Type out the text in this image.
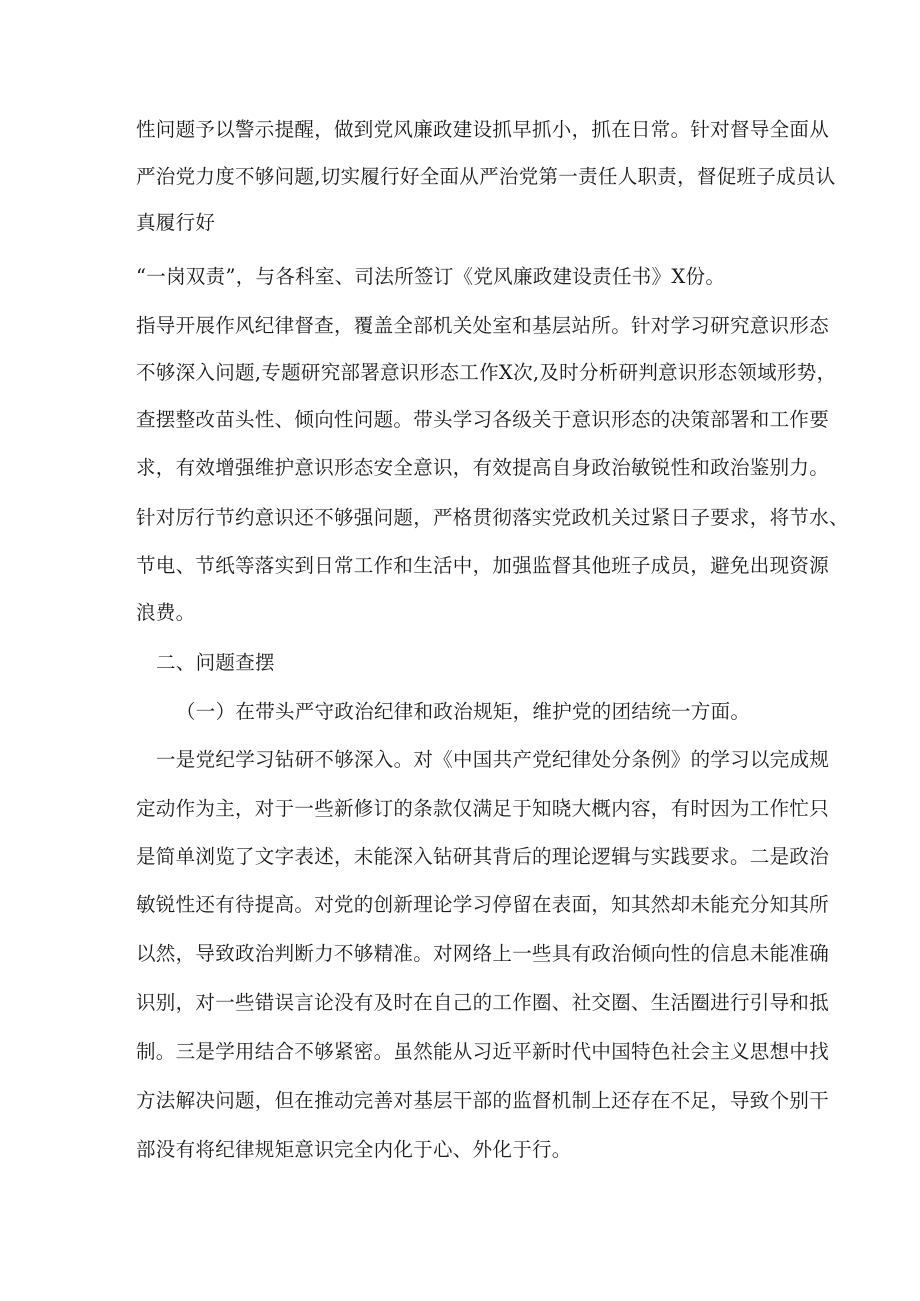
性问题予以警示提醒，做到党风廉政建设抓早抓小，抓在日常。针对督导全面从
严治党力度不够问题,切实履行好全面从严治党第一责任人职责，督促班子成员认
真履行好
“一岗双责”，与各科室、司法所签订《党风廉政建设责任书》X份。
指导开展作风纪律督查，覆盖全部机关处室和基层站所。针对学习研究意识形态
不够深入问题,专题研究部署意识形态工作X次,及时分析研判意识形态领域形势，
查摆整改苗头性、倾向性问题。带头学习各级关于意识形态的决策部署和工作要
求，有效增强维护意识形态安全意识，有效提高自身政治敏锐性和政治鉴别力。
针对厉行节约意识还不够强问题，严格贯彻落实党政机关过紧日子要求，将节水、
节电、节纸等落实到日常工作和生活中，加强监督其他班子成员，避免出现资源
浪费。
二、问题查摆
（一）在带头严守政治纪律和政治规矩，维护党的团结统一方面。
一是党纪学习钻研不够深入。对《中国共产党纪律处分条例》的学习以完成规
定动作为主，对于一些新修订的条款仅满足于知晓大概内容，有时因为工作忙只
是简单浏览了文字表述，未能深入钻研其背后的理论逻辑与实践要求。二是政治
敏锐性还有待提高。对党的创新理论学习停留在表面，知其然却未能充分知其所
以然，导致政治判断力不够精准。对网络上一些具有政治倾向性的信息未能准确
识别，对一些错误言论没有及时在自己的工作圈、社交圈、生活圈进行引导和抵
制。三是学用结合不够紧密。虽然能从习近平新时代中国特色社会主义思想中找
方法解决问题，但在推动完善对基层干部的监督机制上还存在不足，导致个别干
部没有将纪律规矩意识完全内化于心、外化于行。
